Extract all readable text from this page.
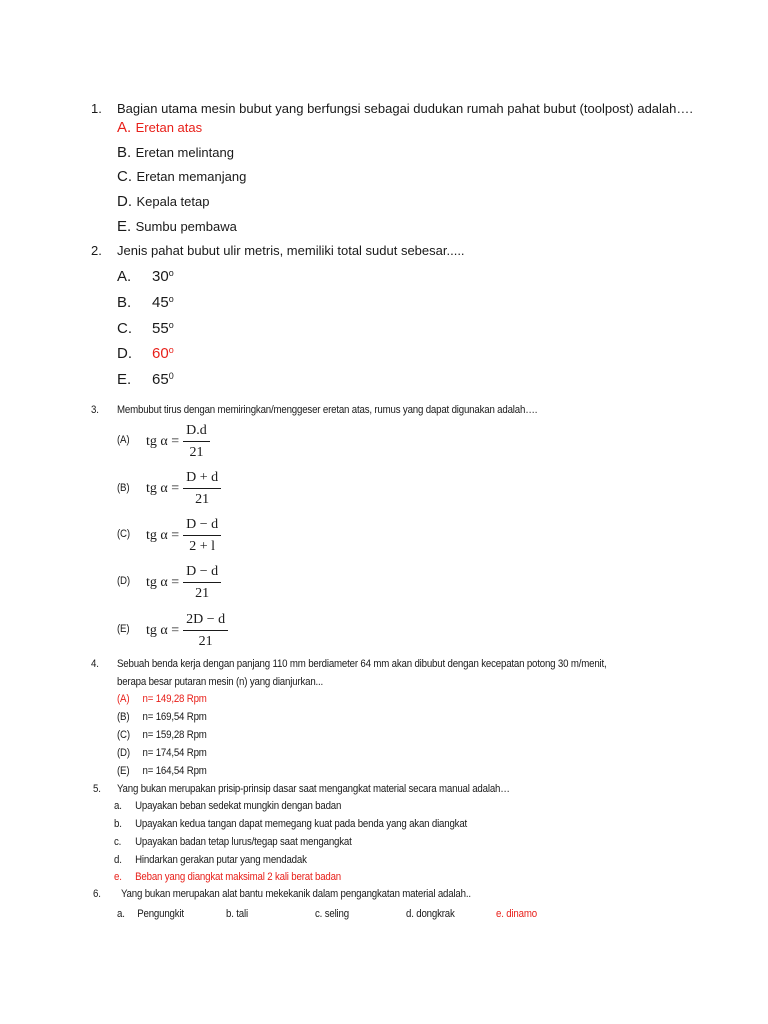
1. Bagian utama mesin bubut yang berfungsi sebagai dudukan rumah pahat bubut (toolpost) adalah….
A. Eretan atas
B. Eretan melintang
C. Eretan memanjang
D. Kepala tetap
E. Sumbu pembawa
2. Jenis pahat bubut ulir metris, memiliki total sudut sebesar.....
A. 30$^o$
B. 45$^o$
C. 55$^o$
D. 60$^o$
E. $65^0$
3. Membubut tirus dengan memiringkan/menggeser eretan atas, rumus yang dapat digunakan adalah….
(A) tg $\alpha = \frac{D.d}{21}$
(B) tg $\alpha = \frac{D + d}{21}$
(C) tg $\alpha = \frac{D - d}{2 + l}$
(D) tg $\alpha = \frac{D - d}{21}$
(E) tg $\alpha = \frac{2D - d}{21}$
4. Sebuah benda kerja dengan panjang 110 mm berdiameter 64 mm akan dibubut dengan kecepatan potong 30 m/menit,
berapa besar putaran mesin (n) yang dianjurkan...
(A) n= 149,28 Rpm
(B) n= 169,54 Rpm
(C) n= 159,28 Rpm
(D) n= 174,54 Rpm
(E) n= 164,54 Rpm
5. Yang bukan merupakan prisip-prinsip dasar saat mengangkat material secara manual adalah…
a. Upayakan beban sedekat mungkin dengan badan
b. Upayakan kedua tangan dapat memegang kuat pada benda yang akan diangkat
c. Upayakan badan tetap lurus/tegap saat mengangkat
d. Hindarkan gerakan putar yang mendadak
e. Beban yang diangkat maksimal 2 kali berat badan
6. Yang bukan merupakan alat bantu mekekanik dalam pengangkatan material adalah..
a. Pengungkit	b. tali	c. seling	d. dongkrak	e. dinamo
